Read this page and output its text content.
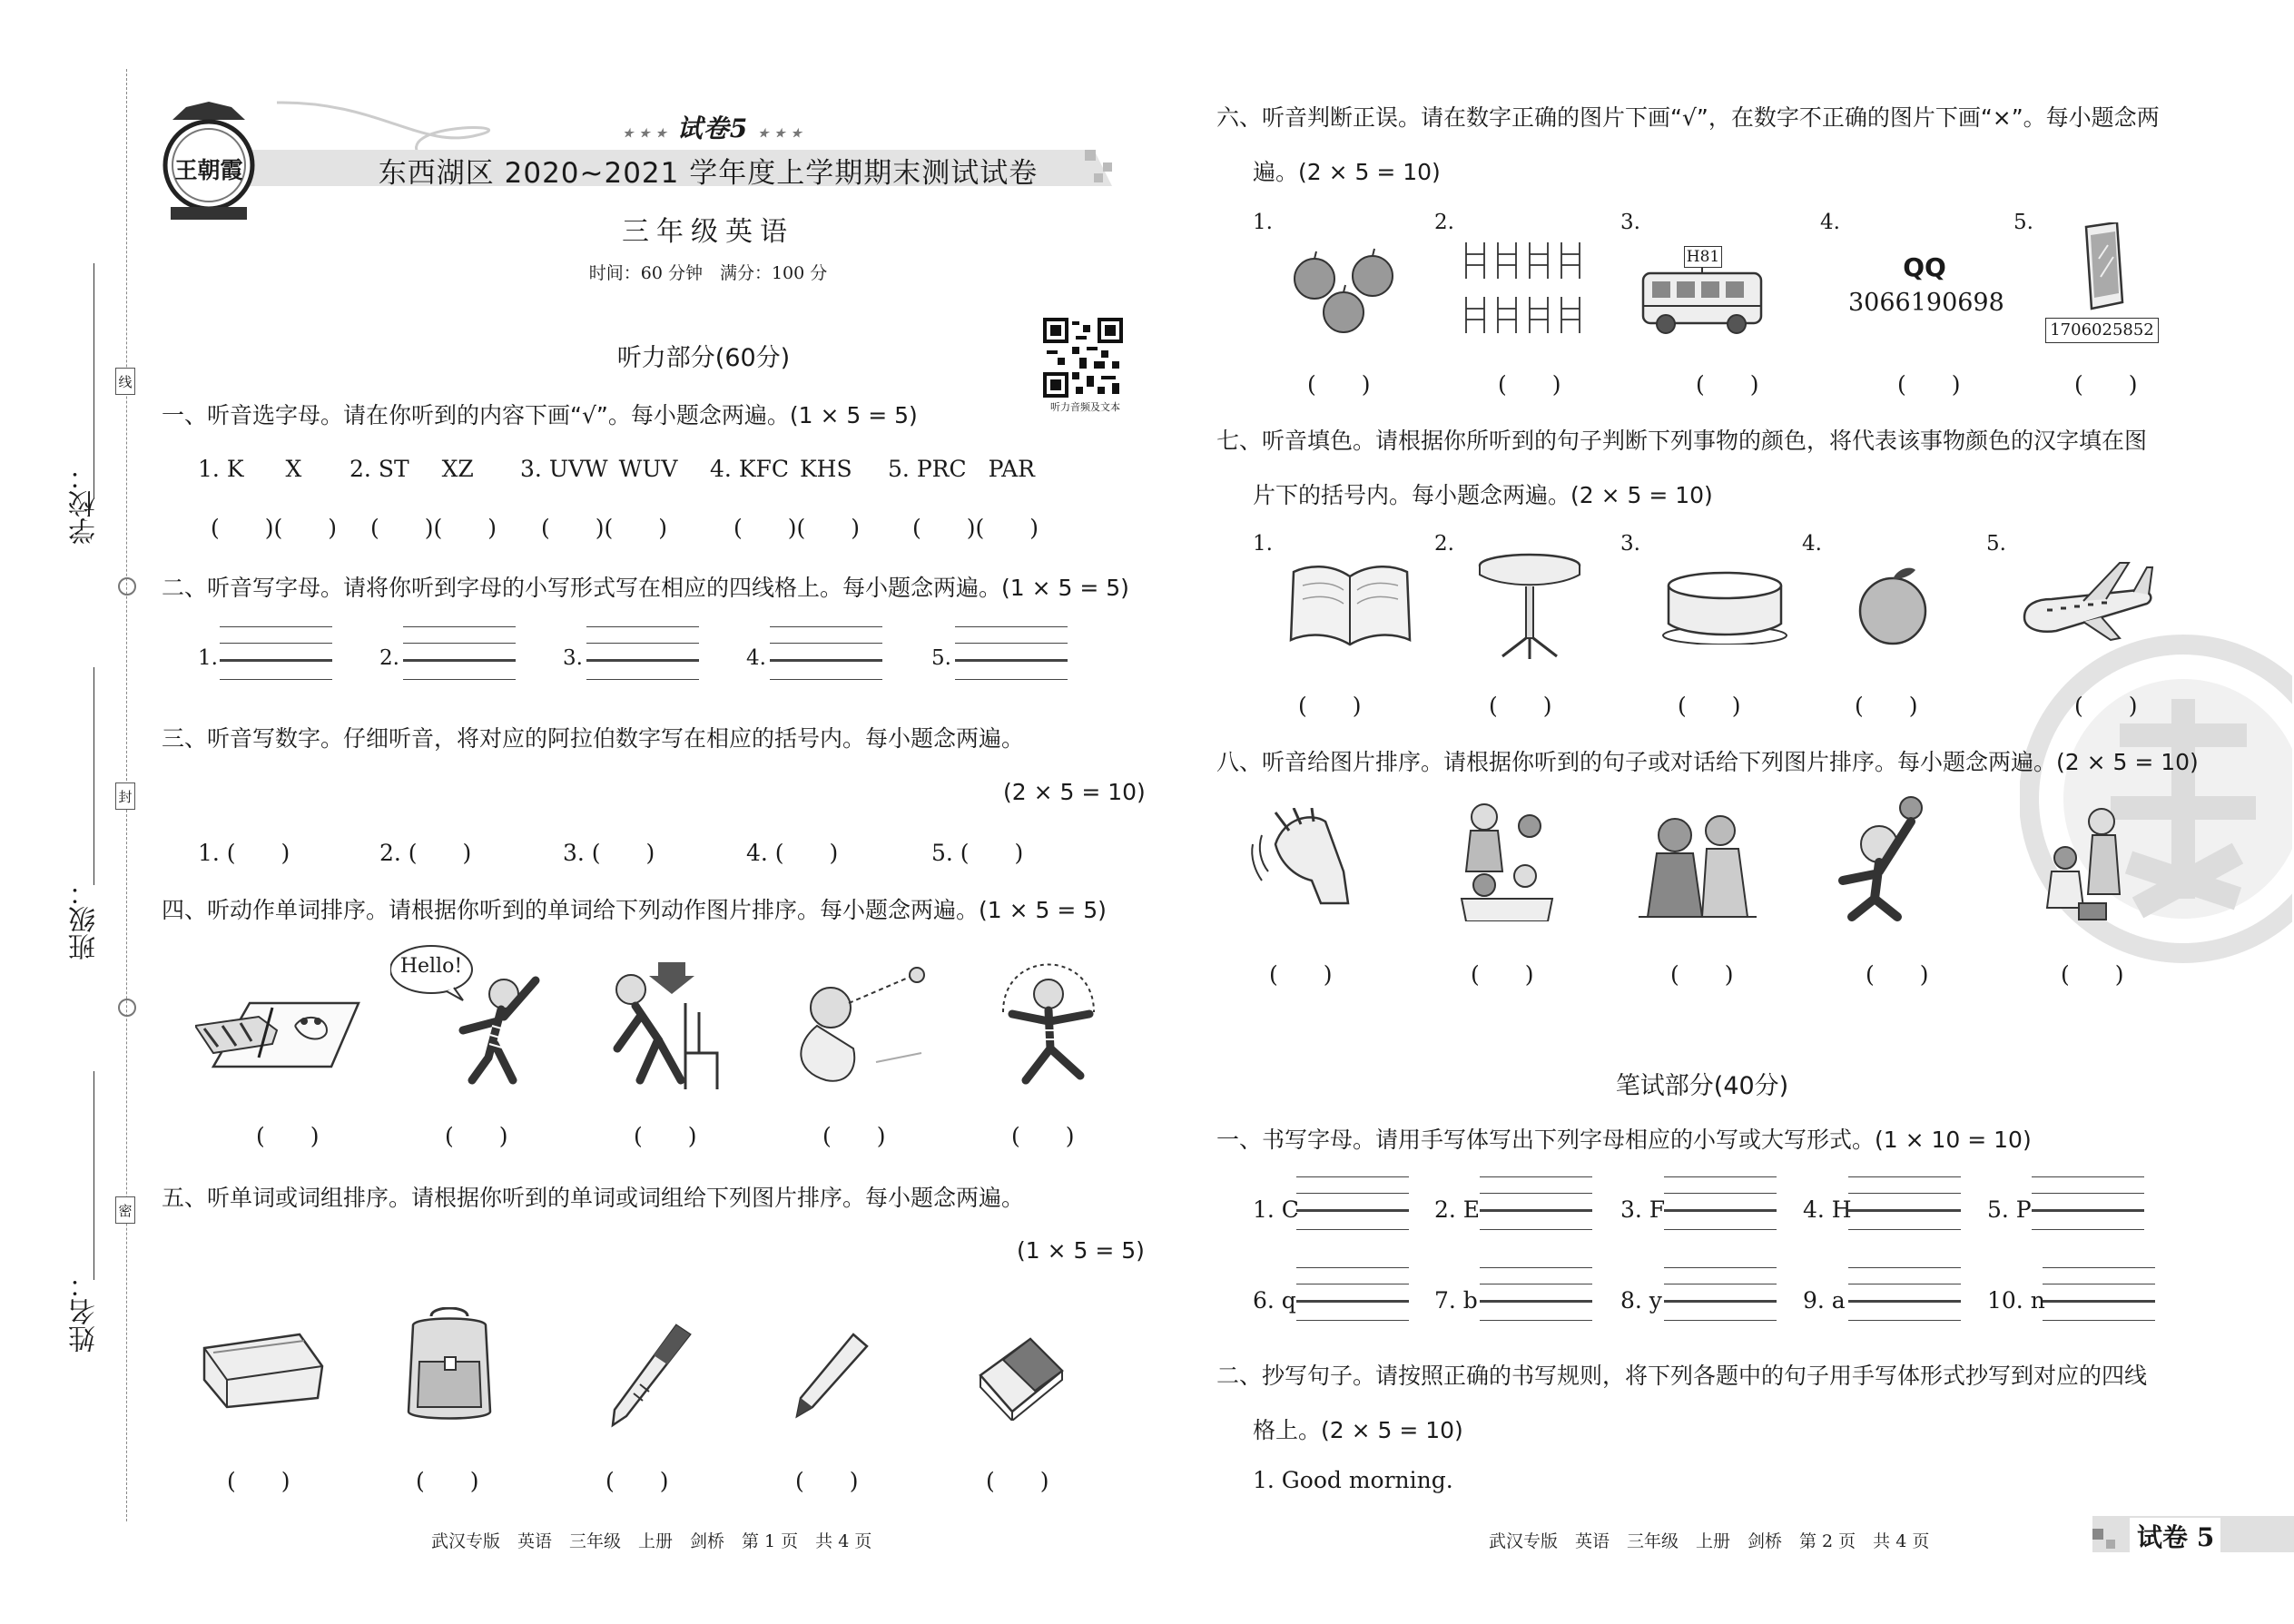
线
封
密
学校：
班级：
姓名：
王朝霞
★ ★ ★ 试卷5 ★ ★ ★
东西湖区 2020~2021 学年度上学期期末测试试卷
三年级英语
时间：60 分钟　满分：100 分
听力音频及文本
听力部分(60分)
一、听音选字母。请在你听到的内容下画“√”。每小题念两遍。(1 × 5 = 5)
1. K X 2. ST XZ 3. UVW WUV 4. KFC KHS 5. PRC PAR
(　　)(　　) (　　)(　　) (　　)(　　)	(　　)(　　) (　　)(　　)
二、听音写字母。请将你听到字母的小写形式写在相应的四线格上。每小题念两遍。(1 × 5 = 5)
1.	2.	3.	4.	5.
三、听音写数字。仔细听音，将对应的阿拉伯数字写在相应的括号内。每小题念两遍。
(2 × 5 = 10)
1. (　　)	2. (　　)	3. (　　)	4. (　　)	5. (　　)
四、听动作单词排序。请根据你听到的单词给下列动作图片排序。每小题念两遍。(1 × 5 = 5)
Hello!
(　　)	(　　)	(　　)	(　　)	(　　)
五、听单词或词组排序。请根据你听到的单词或词组给下列图片排序。每小题念两遍。
(1 × 5 = 5)
(　　)	(　　)	(　　)	(　　)	(　　)
武汉专版　英语　三年级　上册　剑桥　第 1 页　共 4 页
六、听音判断正误。请在数字正确的图片下画“√”，在数字不正确的图片下画“×”。每小题念两
遍。(2 × 5 = 10)
1.	2.	3.	4.	5.
H81	QQ
3066190698
1706025852
(　　)	(　　)	(　　)	(　　)	(　　)
七、听音填色。请根据你所听到的句子判断下列事物的颜色，将代表该事物颜色的汉字填在图
片下的括号内。每小题念两遍。(2 × 5 = 10)
1.	2.	3.	4.	5.
(　　)	(　　)	(　　)	(　　)	(　　)
八、听音给图片排序。请根据你听到的句子或对话给下列图片排序。每小题念两遍。(2 × 5 = 10)
(　　)	(　　)	(　　)	(　　)	(　　)
笔试部分(40分)
一、书写字母。请用手写体写出下列字母相应的小写或大写形式。(1 × 10 = 10)
1. C	2. E	3. F	4. H	5. P
6. q	7. b	8. y	9. a	10. n
二、抄写句子。请按照正确的书写规则，将下列各题中的句子用手写体形式抄写到对应的四线
格上。(2 × 5 = 10)
1. Good morning.
武汉专版　英语　三年级　上册　剑桥　第 2 页　共 4 页	试卷 5
